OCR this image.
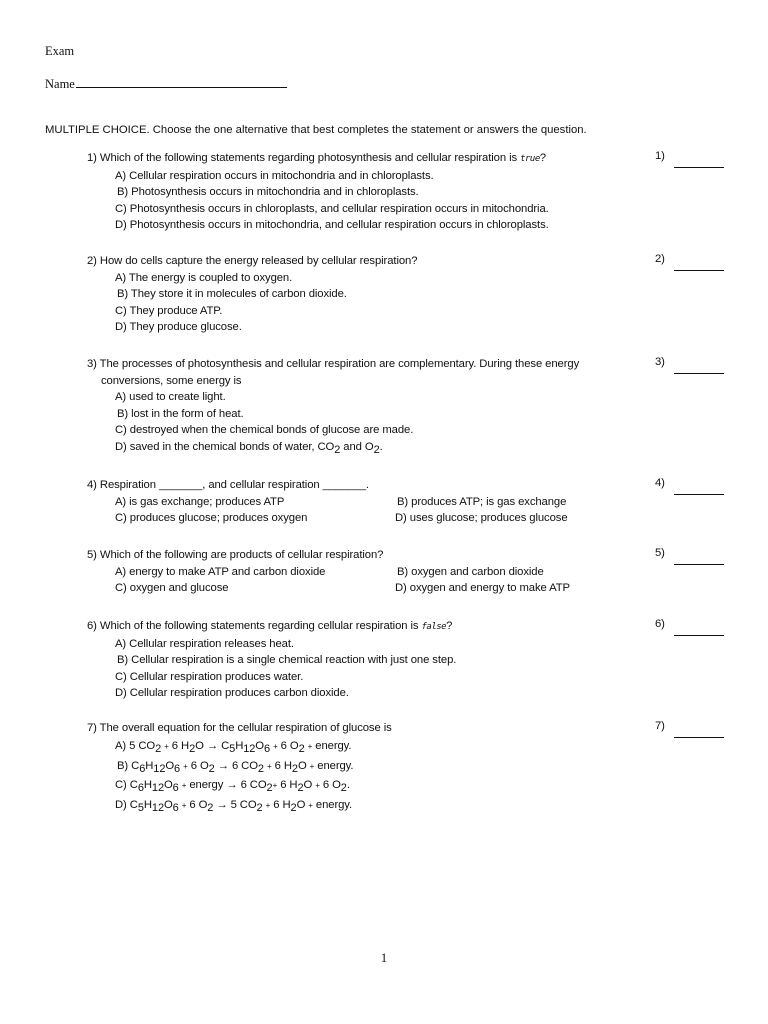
Exam
Name
MULTIPLE CHOICE. Choose the one alternative that best completes the statement or answers the question.
1) Which of the following statements regarding photosynthesis and cellular respiration is true?
A) Cellular respiration occurs in mitochondria and in chloroplasts.
B) Photosynthesis occurs in mitochondria and in chloroplasts.
C) Photosynthesis occurs in chloroplasts, and cellular respiration occurs in mitochondria.
D) Photosynthesis occurs in mitochondria, and cellular respiration occurs in chloroplasts.
1)
2) How do cells capture the energy released by cellular respiration?
A) The energy is coupled to oxygen.
B) They store it in molecules of carbon dioxide.
C) They produce ATP.
D) They produce glucose.
2)
3) The processes of photosynthesis and cellular respiration are complementary. During these energy
conversions, some energy is
A) used to create light.
B) lost in the form of heat.
C) destroyed when the chemical bonds of glucose are made.
D) saved in the chemical bonds of water, $CO_2$ and $O_2$.
3)
4) Respiration _______, and cellular respiration _______.
A) is gas exchange; produces ATP	B) produces ATP; is gas exchange
C) produces glucose; produces oxygen	D) uses glucose; produces glucose
4)
5) Which of the following are products of cellular respiration?
A) energy to make ATP and carbon dioxide	B) oxygen and carbon dioxide
C) oxygen and glucose	D) oxygen and energy to make ATP
5)
6) Which of the following statements regarding cellular respiration is false?
A) Cellular respiration releases heat.
B) Cellular respiration is a single chemical reaction with just one step.
C) Cellular respiration produces water.
D) Cellular respiration produces carbon dioxide.
6)
7) The overall equation for the cellular respiration of glucose is
A) 5 $CO_2 + 6$ $H_2O \to C_5H_{12}O_6 + 6$ $O_2$ + energy.
B) $C_6H_{12}O_6 + 6$ $O_2 \to 6$ $CO_2 + 6$ $H_2O$ + energy.
C) $C_6H_{12}O_6$ + energy → 6 $CO_2+ 6$ $H_2O + 6$ $O_2$.
D) $C_5H_{12}O_6 + 6$ $O_2 \to 5$ $CO_2 + 6$ $H_2O$ + energy.
7)
1
